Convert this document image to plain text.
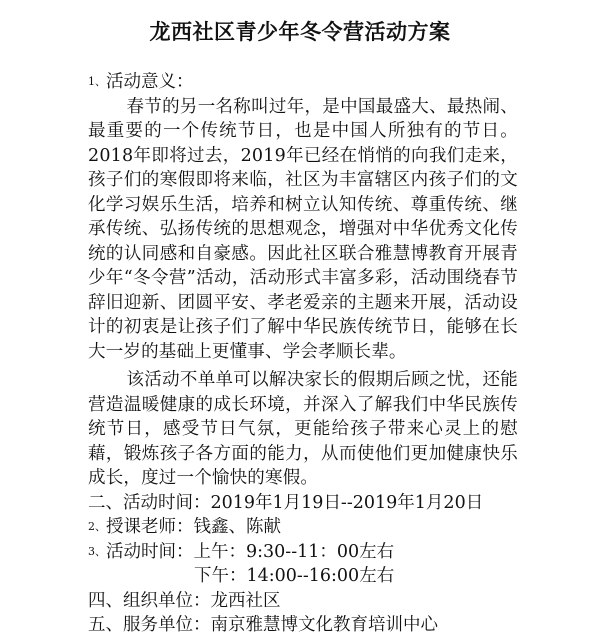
龙西社区青少年冬令营活动方案
1、活动意义：

春节的另一名称叫过年，是中国最盛大、最热闹、最重要的一个传统节日，也是中国人所独有的节日。2018年即将过去，2019年已经在悄悄的向我们走来，孩子们的寒假即将来临，社区为丰富辖区内孩子们的文化学习娱乐生活，培养和树立认知传统、尊重传统、继承传统、弘扬传统的思想观念，增强对中华优秀文化传统的认同感和自豪感。因此社区联合雅慧博教育开展青少年“冬令营”活动，活动形式丰富多彩，活动围绕春节辞旧迎新、团圆平安、孝老爱亲的主题来开展，活动设计的初衷是让孩子们了解中华民族传统节日，能够在长大一岁的基础上更懂事、学会孝顺长辈。

该活动不单单可以解决家长的假期后顾之忧，还能营造温暖健康的成长环境，并深入了解我们中华民族传统节日，感受节日气氛，更能给孩子带来心灵上的慰藉，锻炼孩子各方面的能力，从而使他们更加健康快乐成长，度过一个愉快的寒假。

二、活动时间：2019年1月19日--2019年1月20日
2、授课老师：钱鑫、陈献
3、活动时间：上午：9:30--11：00左右
下午：14:00--16:00左右
四、组织单位：龙西社区
五、服务单位：南京雅慧博文化教育培训中心
